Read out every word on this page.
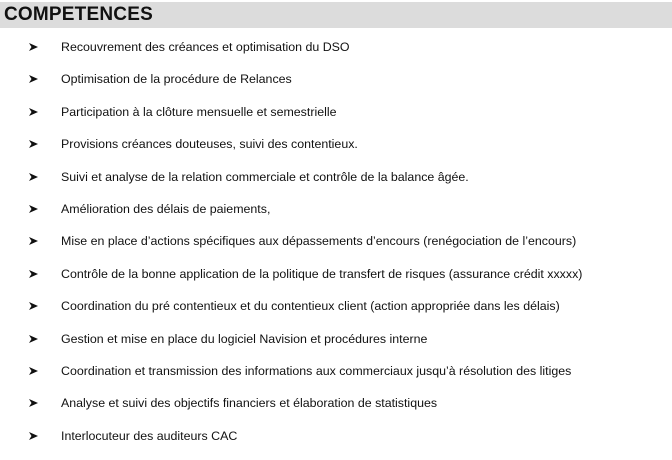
COMPETENCES
Recouvrement des créances et optimisation du DSO
Optimisation de la procédure de Relances
Participation à la clôture mensuelle et semestrielle
Provisions créances douteuses, suivi des contentieux.
Suivi et analyse de la relation commerciale et contrôle de la balance âgée.
Amélioration des délais de paiements,
Mise en place d’actions spécifiques aux dépassements d’encours (renégociation de l’encours)
Contrôle de la bonne application de la politique de transfert de risques (assurance crédit xxxxx)
Coordination du pré contentieux et du contentieux client (action appropriée dans les délais)
Gestion et mise en place du logiciel Navision et procédures interne
Coordination et transmission des informations aux commerciaux jusqu’à résolution des litiges
Analyse et suivi des objectifs financiers et élaboration de statistiques
Interlocuteur des auditeurs CAC
